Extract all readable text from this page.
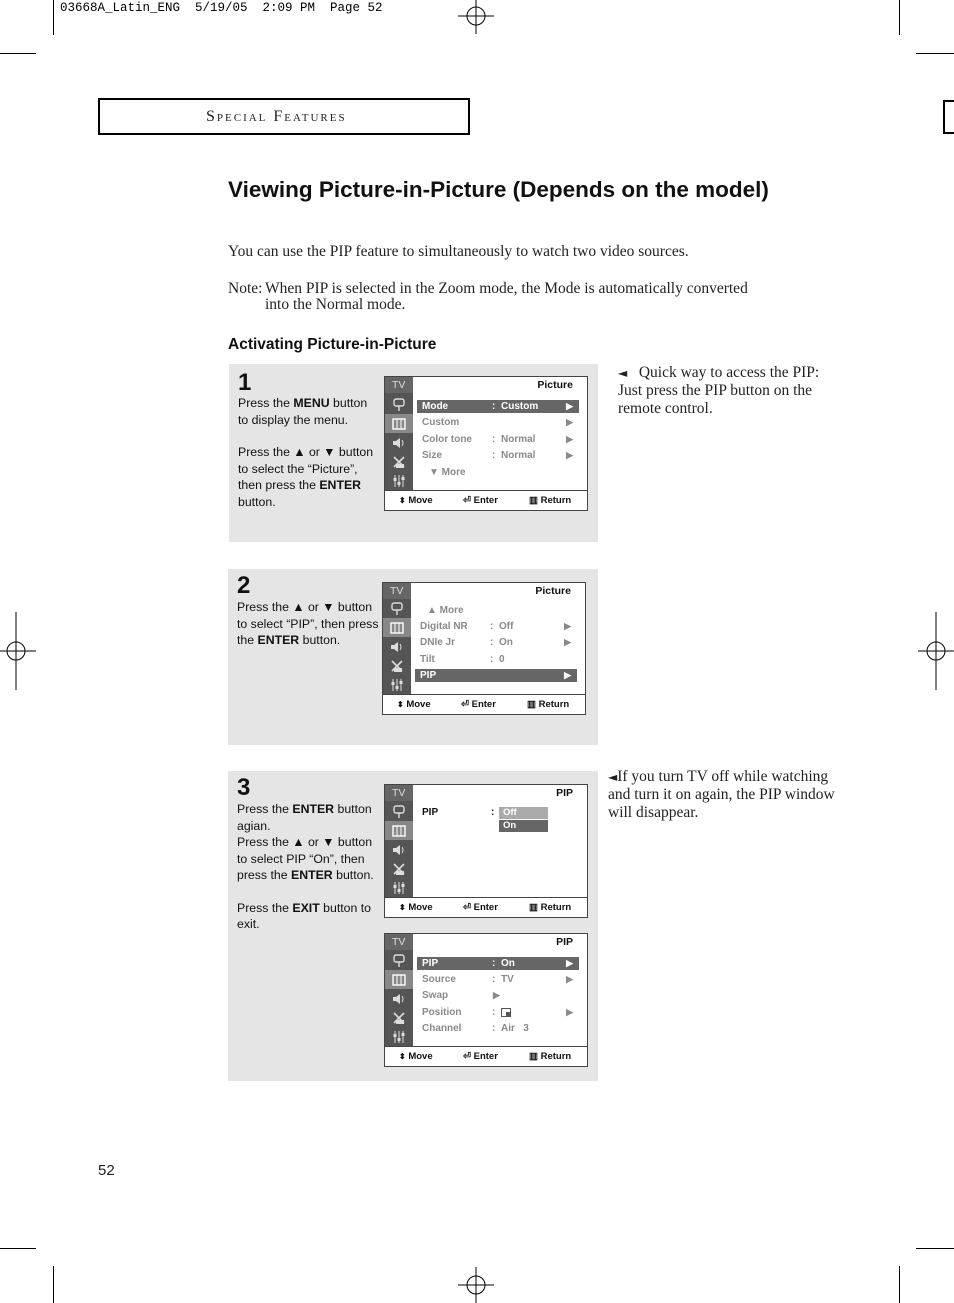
03668A_Latin_ENG  5/19/05  2:09 PM  Page 52
Special Features
Viewing Picture-in-Picture (Depends on the model)
You can use the PIP feature to simultaneously to watch two video sources.
Note: When PIP is selected in the Zoom mode, the Mode is automatically converted
into the Normal mode.
Activating Picture-in-Picture
◄ Quick way to access the PIP:
Just press the PIP button on the
remote control.
◄If you turn TV off while watching
and turn it on again, the PIP window
will disappear.
1
Press the MENU button
to display the menu.
Press the ▲ or ▼ button
to select the “Picture”,
then press the ENTER
button.
TV	Picture
Mode	: Custom	▶
Custom	▶
Color tone : Normal	▶
Size	: Normal	▶
▼ More
⬍ Move	⏎ Enter	▥ Return
2
Press the ▲ or ▼ button
to select “PIP”, then press
the ENTER button.
TV	Picture
▲ More
Digital NR : Off	▶
DNIe Jr	: On	▶
Tilt	: 0
PIP	▶
⬍ Move	⏎ Enter	▥ Return
3
Press the ENTER button
agian.
Press the ▲ or ▼ button
to select PIP “On”, then
press the ENTER button.
Press the EXIT button to
exit.
TV	PIP
PIP	: Off
On
⬍ Move	⏎ Enter	▥ Return
TV	PIP
PIP	: On	▶
Source	: TV	▶
Swap	▶
Position	:	▶
Channel	: Air   3
⬍ Move	⏎ Enter	▥ Return
52
